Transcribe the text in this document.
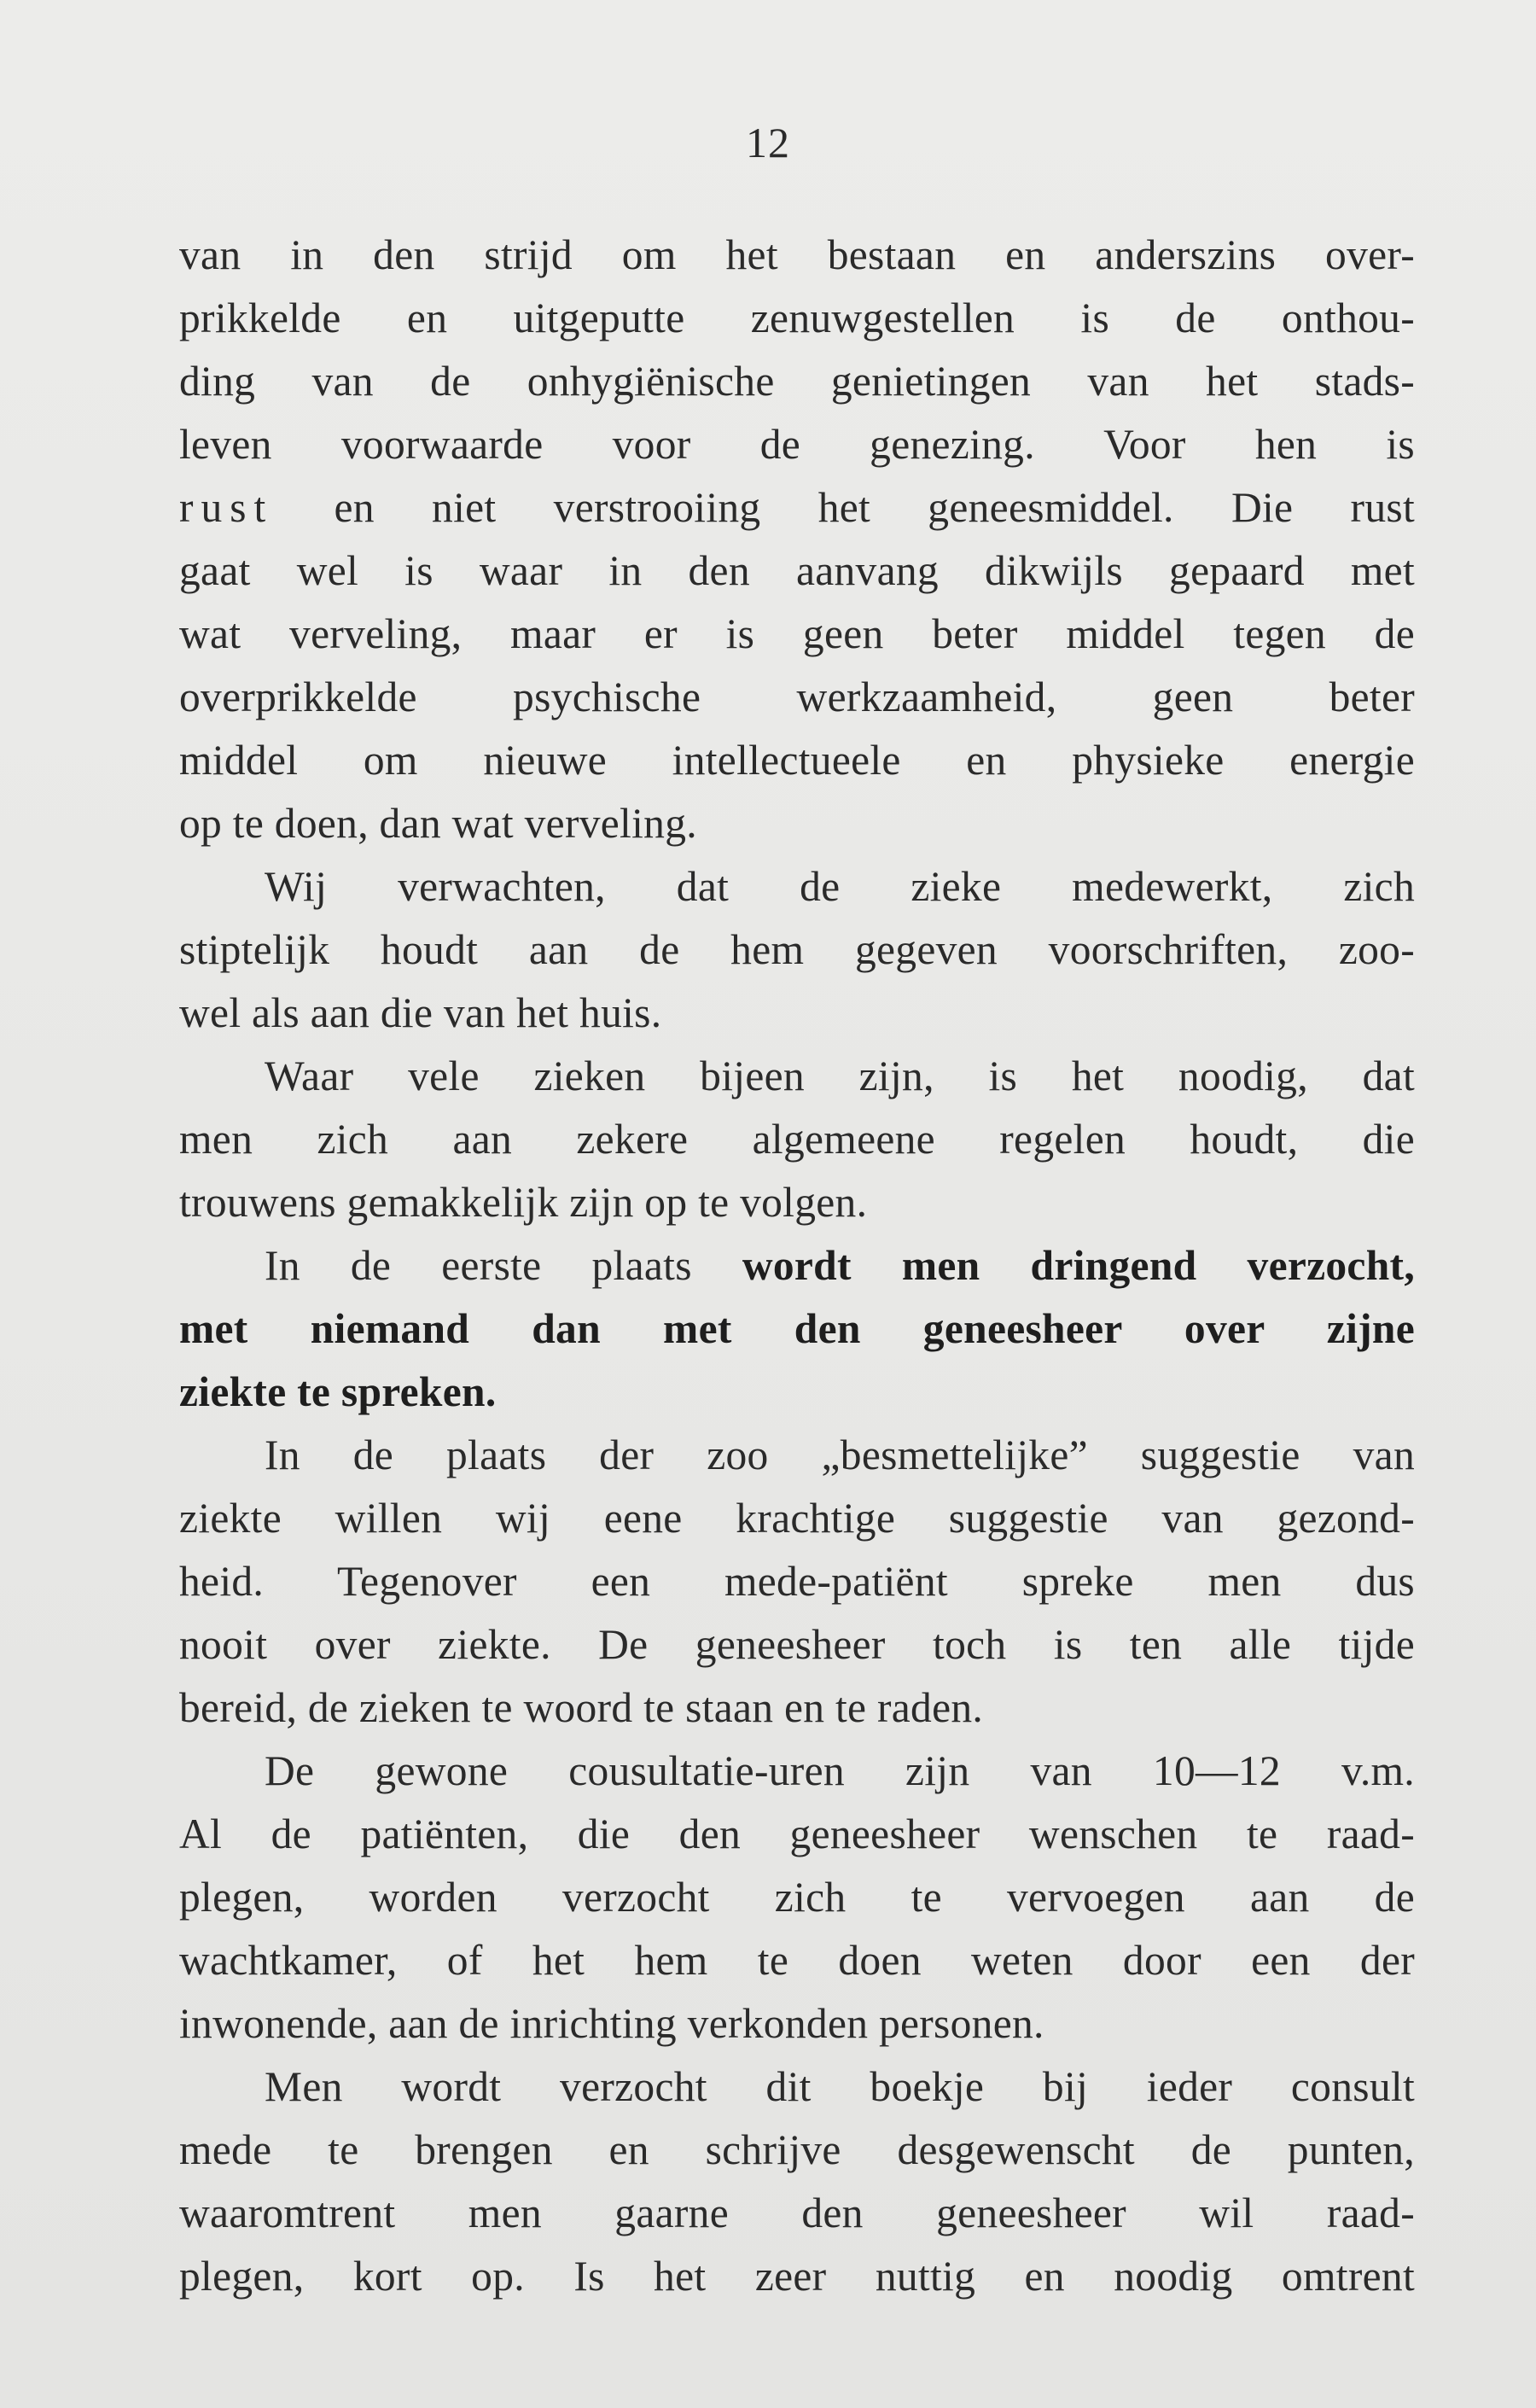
12
van in den strijd om het bestaan en anderszins over-
prikkelde en uitgeputte zenuwgestellen is de onthou-
ding van de onhygiënische genietingen van het stads-
leven voorwaarde voor de genezing. Voor hen is
rust en niet verstrooiing het geneesmiddel. Die rust
gaat wel is waar in den aanvang dikwijls gepaard met
wat verveling, maar er is geen beter middel tegen de
overprikkelde psychische werkzaamheid, geen beter
middel om nieuwe intellectueele en physieke energie
op te doen, dan wat verveling.
Wij verwachten, dat de zieke medewerkt, zich
stiptelijk houdt aan de hem gegeven voorschriften, zoo-
wel als aan die van het huis.
Waar vele zieken bijeen zijn, is het noodig, dat
men zich aan zekere algemeene regelen houdt, die
trouwens gemakkelijk zijn op te volgen.
In de eerste plaats wordt men dringend verzocht,
met niemand dan met den geneesheer over zijne
ziekte te spreken.
In de plaats der zoo „besmettelijke” suggestie van
ziekte willen wij eene krachtige suggestie van gezond-
heid. Tegenover een mede-patiënt spreke men dus
nooit over ziekte. De geneesheer toch is ten alle tijde
bereid, de zieken te woord te staan en te raden.
De gewone cousultatie-uren zijn van 10—12 v.m.
Al de patiënten, die den geneesheer wenschen te raad-
plegen, worden verzocht zich te vervoegen aan de
wachtkamer, of het hem te doen weten door een der
inwonende, aan de inrichting verkonden personen.
Men wordt verzocht dit boekje bij ieder consult
mede te brengen en schrijve desgewenscht de punten,
waaromtrent men gaarne den geneesheer wil raad-
plegen, kort op. Is het zeer nuttig en noodig omtrent
